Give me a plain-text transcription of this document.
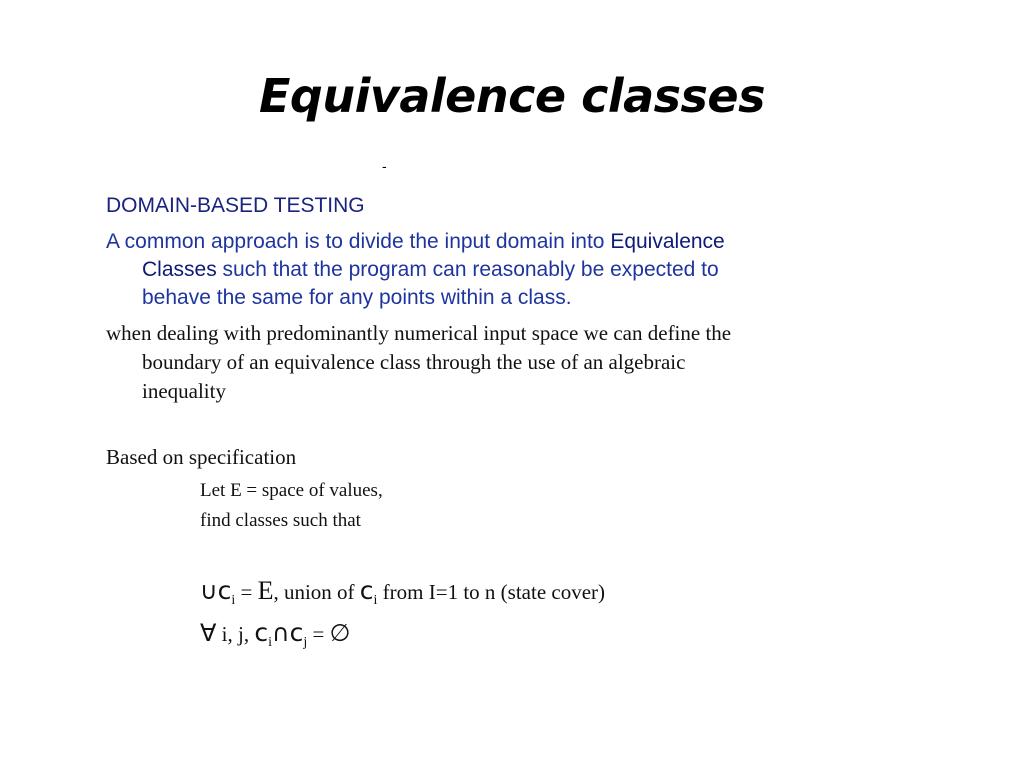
Equivalence classes
-
DOMAIN-BASED TESTING
A common approach is to divide the input domain into Equivalence
Classes such that the program can reasonably be expected to
behave the same for any points within a class.
when dealing with predominantly numerical input space we can define the
boundary of an equivalence class through the use of an algebraic
inequality
Based on specification
Let E = space of values,
find classes such that
$\cup c_i = E$, union of $c_i$ from I=1 to n (state cover)
∀ i, j, $c_i\cap c_j$ = ∅
